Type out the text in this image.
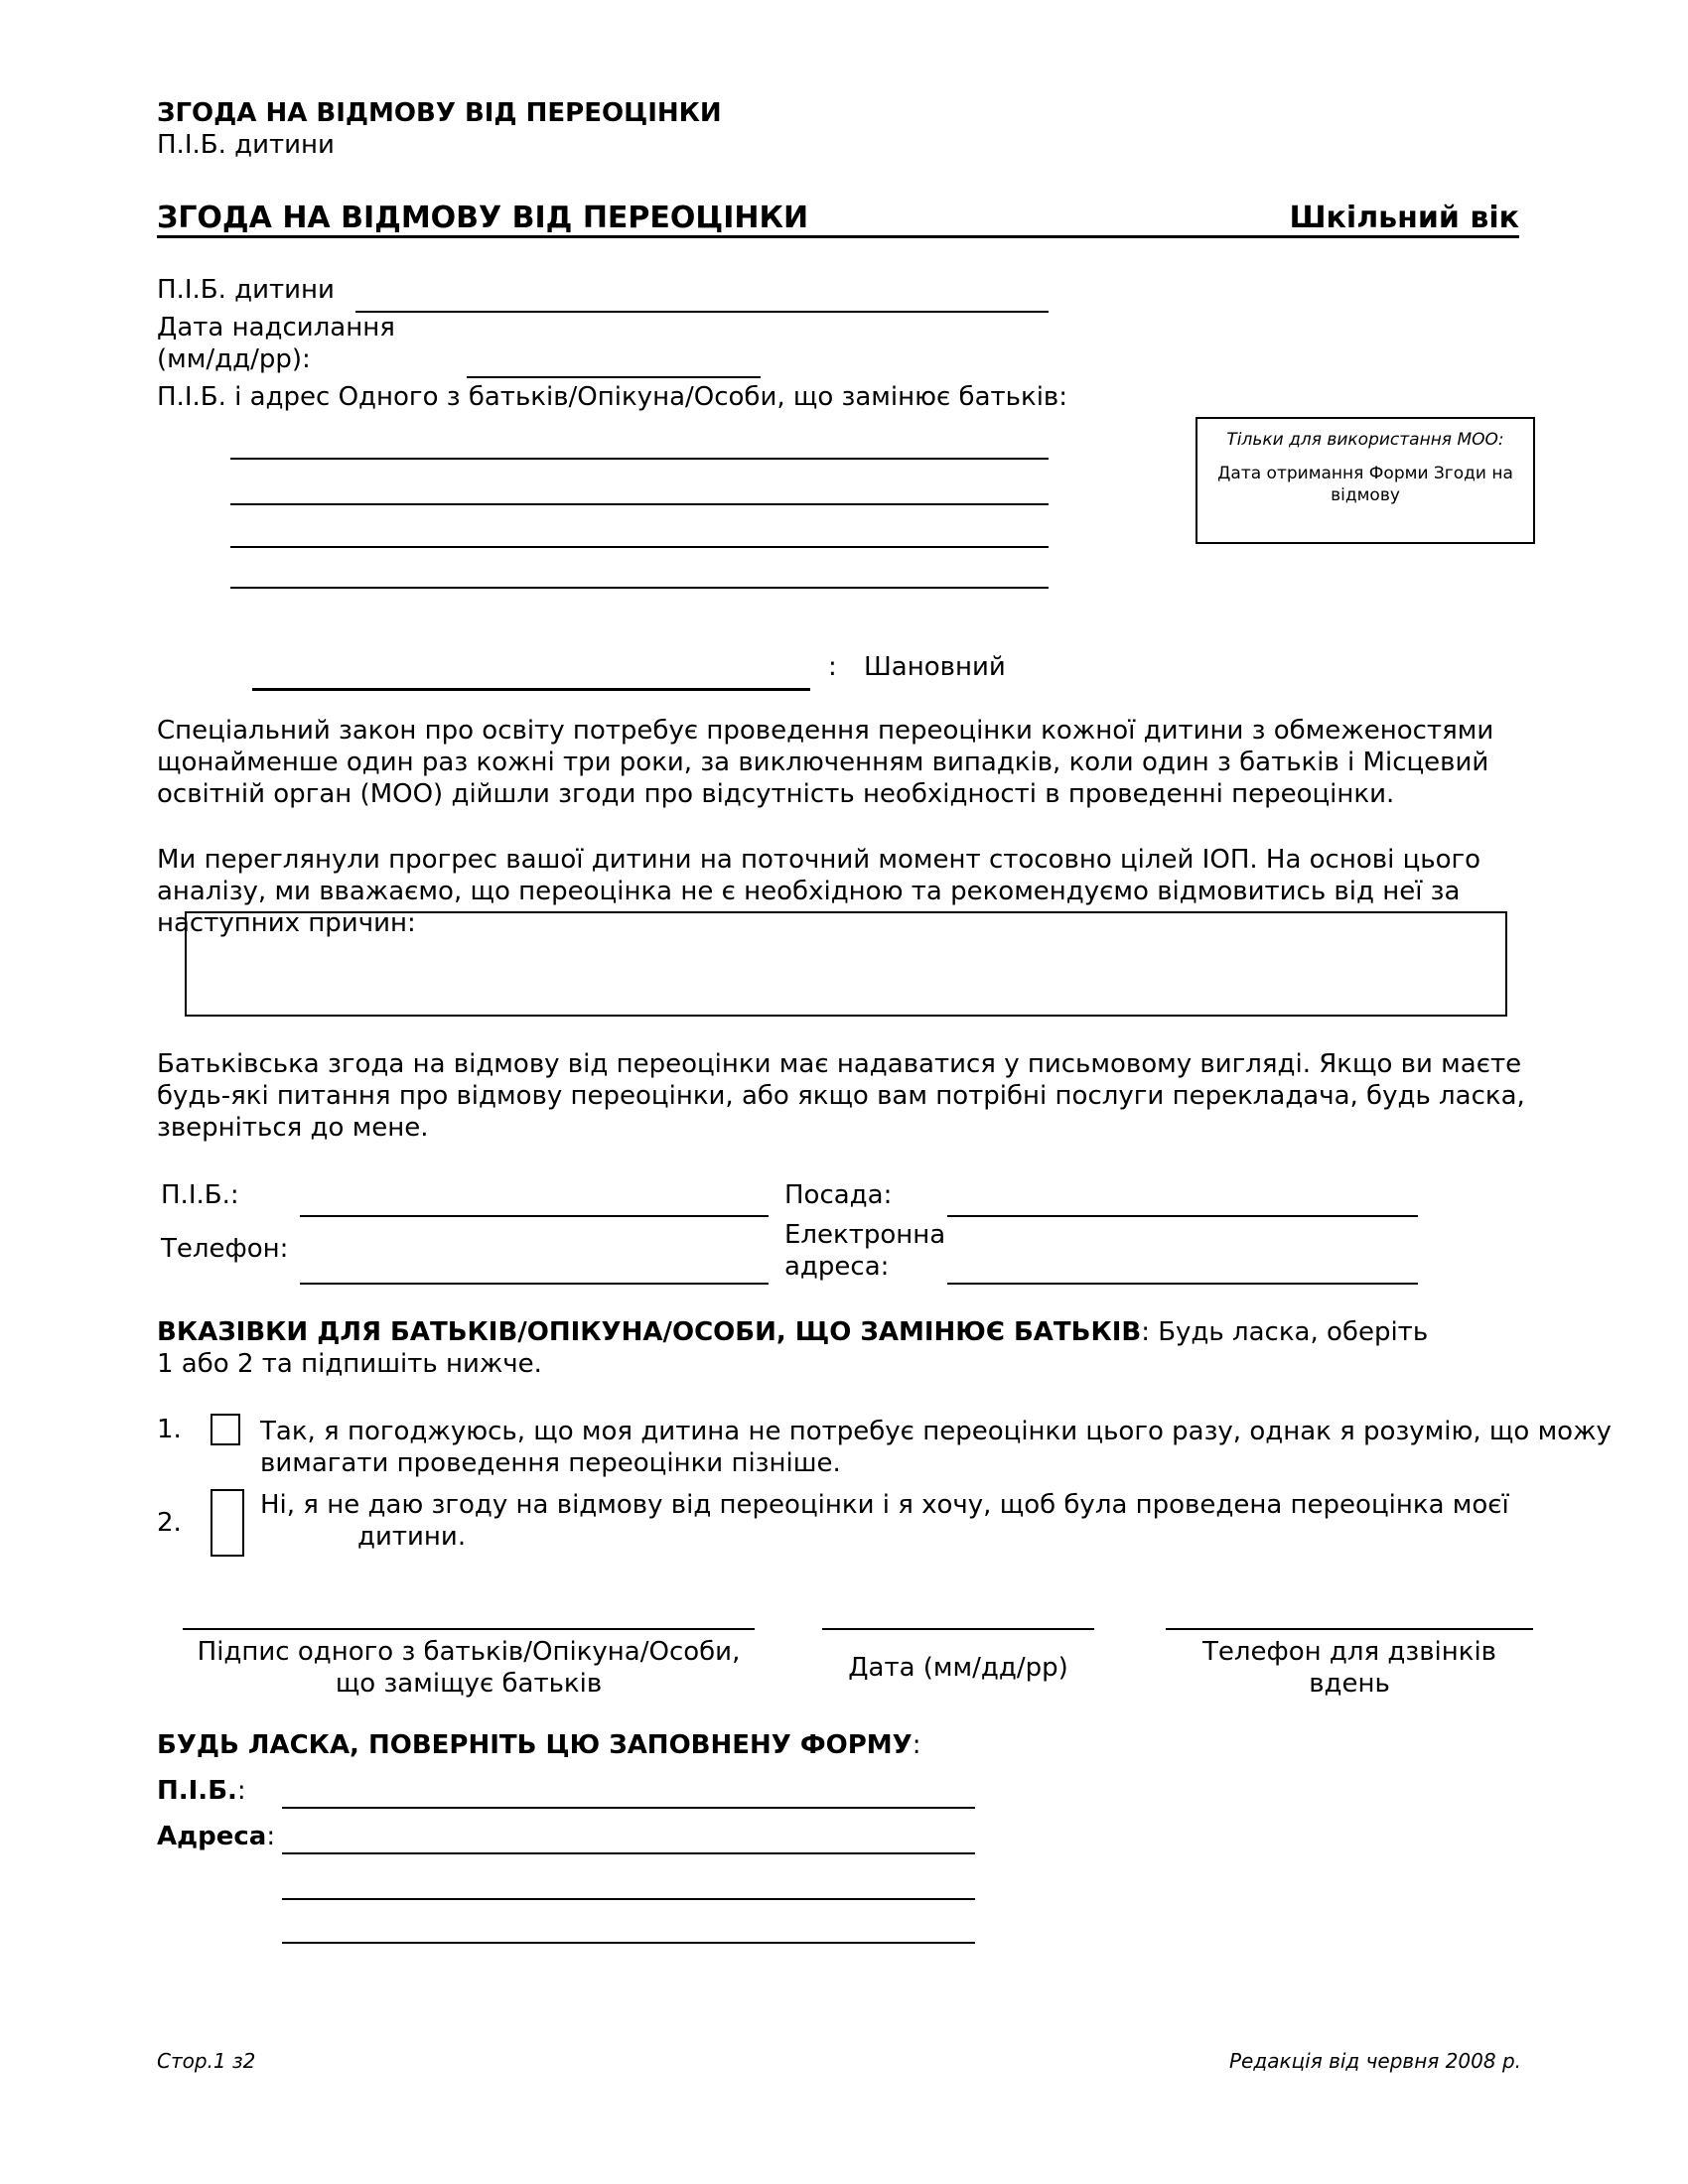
ЗГОДА НА ВІДМОВУ ВІД ПЕРЕОЦІНКИ
П.І.Б. дитини
ЗГОДА НА ВІДМОВУ ВІД ПЕРЕОЦІНКИ	Шкільний вік
П.І.Б. дитини
Дата надсилання
(мм/дд/рр):
П.І.Б. і адрес Одного з батьків/Опікуна/Особи, що замінює батьків:
Тільки для використання МОО:
Дата отримання Форми Згоди на відмову
: Шановний
Спеціальний закон про освіту потребує проведення переоцінки кожної дитини з обмеженостями щонайменше один раз кожні три роки, за виключенням випадків, коли один з батьків і Місцевий освітній орган (МОО) дійшли згоди про відсутність необхідності в проведенні переоцінки.
Ми переглянули прогрес вашої дитини на поточний момент стосовно цілей ІОП. На основі цього аналізу, ми вважаємо, що переоцінка не є необхідною та рекомендуємо відмовитись від неї за наступних причин:
Батьківська згода на відмову від переоцінки має надаватися у письмовому вигляді. Якщо ви маєте будь-які питання про відмову переоцінки, або якщо вам потрібні послуги перекладача, будь ласка, зверніться до мене.
П.І.Б.:
Телефон:
Посада:
Електронна
адреса:
ВКАЗІВКИ ДЛЯ БАТЬКІВ/ОПІКУНА/ОСОБИ, ЩО ЗАМІНЮЄ БАТЬКІВ: Будь ласка, оберіть 1 або 2 та підпишіть нижче.
1.	Так, я погоджуюсь, що моя дитина не потребує переоцінки цього разу, однак я розумію, що можу
вимагати проведення переоцінки пізніше.
2.
Ні, я не даю згоду на відмову від переоцінки і я хочу, щоб була проведена переоцінка моєї
дитини.
Підпис одного з батьків/Опікуна/Особи,
що заміщує батьків
Дата (мм/дд/рр)
Телефон для дзвінків
вдень
БУДЬ ЛАСКА, ПОВЕРНІТЬ ЦЮ ЗАПОВНЕНУ ФОРМУ:
П.І.Б.:
Адреса:
Стор.1 з2	Редакція від червня 2008 р.
